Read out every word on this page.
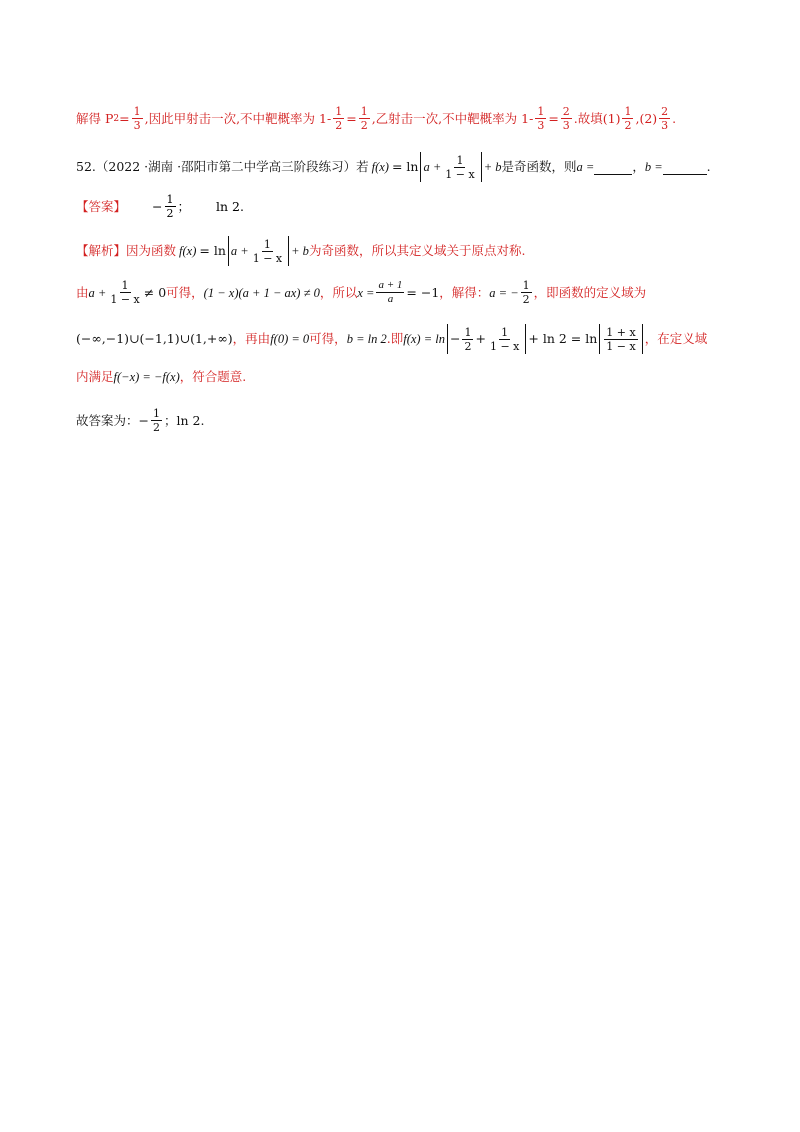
解得 P $2 = \frac{1}{3}$ ,因此甲射击一次,不中靶概率为 $1- \frac{1}{2} = \frac{1}{2}$ ,乙射击一次,不中靶概率为 $1- \frac{1}{3} = \frac{2}{3}$ .故填$(1) \frac{1}{2} ,(2) \frac{2}{3}$ .
52.（2022 ·湖南 ·邵阳市第二中学高三阶段练习）若 $f(x) = \ln a + \frac{1}{1 - x} + b$ 是奇函数，则 a =	， b =	.
【答案】 − $\frac{1}{2}$ ； ln 2 .
【解析】 因为函数 $f(x) = \ln a + \frac{1}{1 - x} + b$ 为奇函数，所以其定义域关于原点对称.
由 $a + \frac{1}{1 - x} \ne 0$ 可得， (1 − x)(a + 1 − ax) ≠ 0 ，所以 $x = \frac{a + 1}{a} = -1$ ，解得： a = − $\frac{1}{2}$ ，即函数的定义域为
(−∞,−1)∪(−1,1)∪(1,+∞) ，再由 f(0) = 0 可得， b = ln 2 .即 $f(x) = \ln - \frac{1}{2} + \frac{1}{1 - x} + \ln 2 = \ln \frac{1 + x}{1 - x}$ ，在定义域
内满足 f(−x) = −f(x) ，符合题意.
故答案为： − $\frac{1}{2}$ ； ln 2 .
